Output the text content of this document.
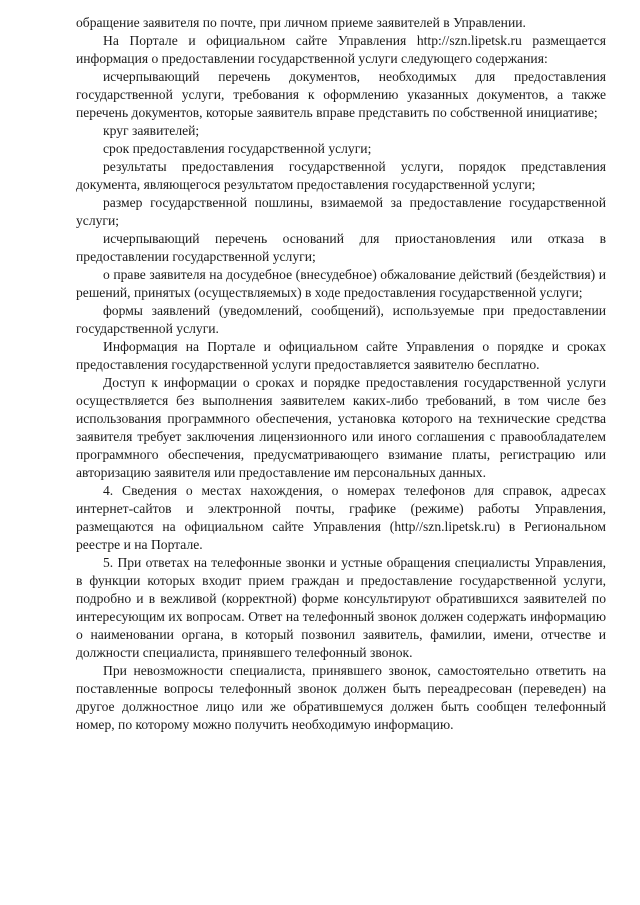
обращение заявителя по почте, при личном приеме заявителей в Управлении.

На Портале и официальном сайте Управления http://szn.lipetsk.ru размещается информация о предоставлении государственной услуги следующего содержания:

исчерпывающий перечень документов, необходимых для предоставления государственной услуги, требования к оформлению указанных документов, а также перечень документов, которые заявитель вправе представить по собственной инициативе;

круг заявителей;

срок предоставления государственной услуги;

результаты предоставления государственной услуги, порядок представления документа, являющегося результатом предоставления государственной услуги;

размер государственной пошлины, взимаемой за предоставление государственной услуги;

исчерпывающий перечень оснований для приостановления или отказа в предоставлении государственной услуги;

о праве заявителя на досудебное (внесудебное) обжалование действий (бездействия) и решений, принятых (осуществляемых) в ходе предоставления государственной услуги;

формы заявлений (уведомлений, сообщений), используемые при предоставлении государственной услуги.

Информация на Портале и официальном сайте Управления о порядке и сроках предоставления государственной услуги предоставляется заявителю бесплатно.

Доступ к информации о сроках и порядке предоставления государственной услуги осуществляется без выполнения заявителем каких-либо требований, в том числе без использования программного обеспечения, установка которого на технические средства заявителя требует заключения лицензионного или иного соглашения с правообладателем программного обеспечения, предусматривающего взимание платы, регистрацию или авторизацию заявителя или предоставление им персональных данных.

4. Сведения о местах нахождения, о номерах телефонов для справок, адресах интернет-сайтов и электронной почты, графике (режиме) работы Управления, размещаются на официальном сайте Управления (http//szn.lipetsk.ru) в Региональном реестре и на Портале.

5. При ответах на телефонные звонки и устные обращения специалисты Управления, в функции которых входит прием граждан и предоставление государственной услуги, подробно и в вежливой (корректной) форме консультируют обратившихся заявителей по интересующим их вопросам. Ответ на телефонный звонок должен содержать информацию о наименовании органа, в который позвонил заявитель, фамилии, имени, отчестве и должности специалиста, принявшего телефонный звонок.

При невозможности специалиста, принявшего звонок, самостоятельно ответить на поставленные вопросы телефонный звонок должен быть переадресован (переведен) на другое должностное лицо или же обратившемуся должен быть сообщен телефонный номер, по которому можно получить необходимую информацию.
